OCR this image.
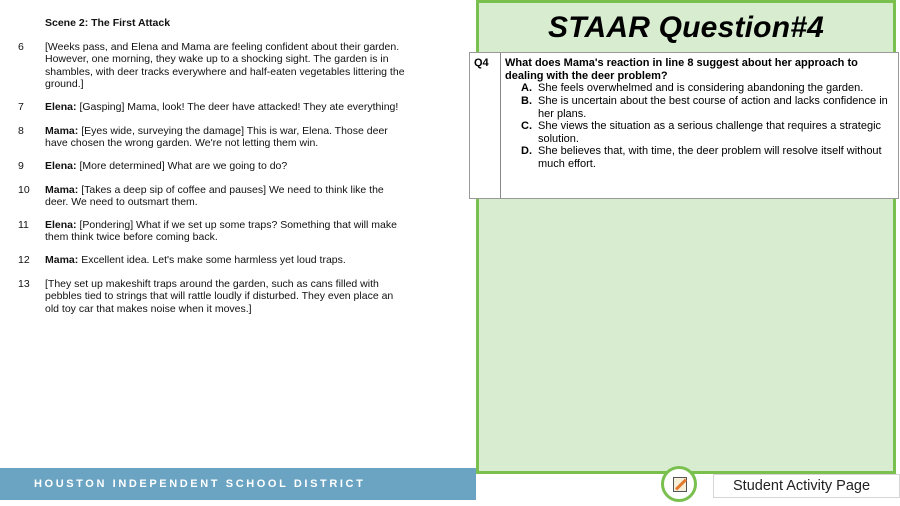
Scene 2: The First Attack
6 [Weeks pass, and Elena and Mama are feeling confident about their garden. However, one morning, they wake up to a shocking sight. The garden is in shambles, with deer tracks everywhere and half-eaten vegetables littering the ground.]
7 Elena: [Gasping] Mama, look! The deer have attacked! They ate everything!
8 Mama: [Eyes wide, surveying the damage] This is war, Elena. Those deer have chosen the wrong garden. We're not letting them win.
9 Elena: [More determined] What are we going to do?
10 Mama: [Takes a deep sip of coffee and pauses] We need to think like the deer. We need to outsmart them.
11 Elena: [Pondering] What if we set up some traps? Something that will make them think twice before coming back.
12 Mama: Excellent idea. Let's make some harmless yet loud traps.
13 [They set up makeshift traps around the garden, such as cans filled with pebbles tied to strings that will rattle loudly if disturbed. They even place an old toy car that makes noise when it moves.]
STAAR Question#4
Q4 What does Mama's reaction in line 8 suggest about her approach to dealing with the deer problem?
A. She feels overwhelmed and is considering abandoning the garden.
B. She is uncertain about the best course of action and lacks confidence in her plans.
C. She views the situation as a serious challenge that requires a strategic solution.
D. She believes that, with time, the deer problem will resolve itself without much effort.
HOUSTON INDEPENDENT SCHOOL DISTRICT	Student Activity Page
